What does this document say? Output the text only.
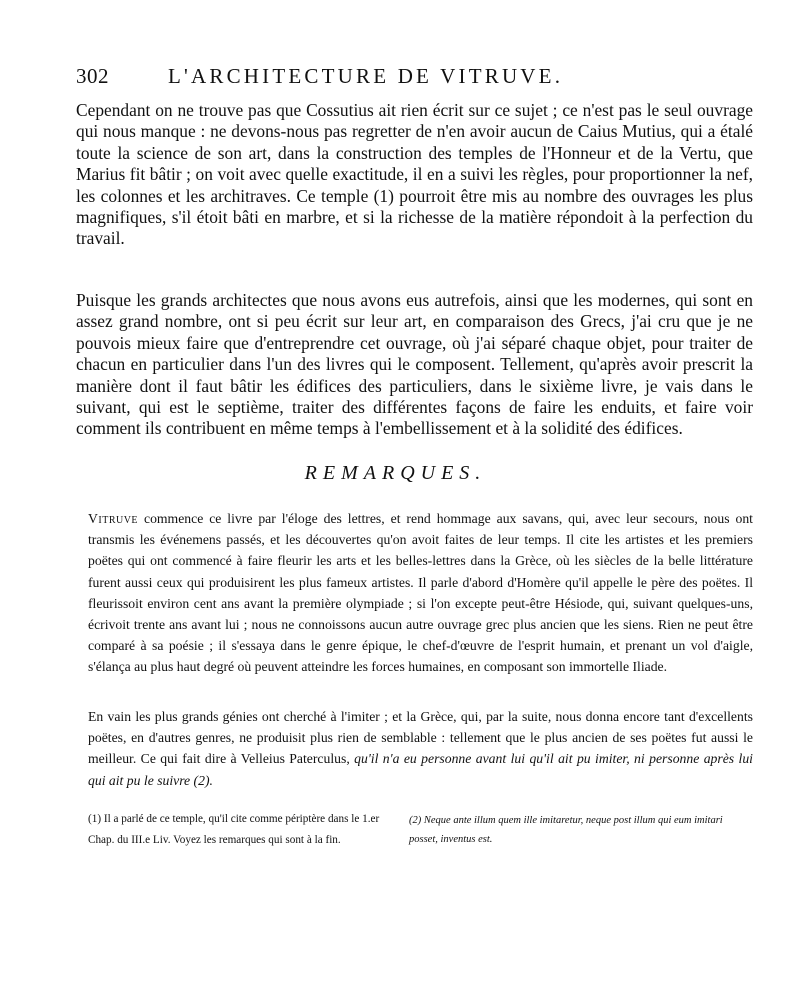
302	L'ARCHITECTURE DE VITRUVE.

Cependant on ne trouve pas que Cossutius ait rien écrit sur ce sujet ; ce n'est pas le seul ouvrage qui nous manque : ne devons-nous pas regretter de n'en avoir aucun de Caius Mutius, qui a étalé toute la science de son art, dans la construction des temples de l'Honneur et de la Vertu, que Marius fit bâtir ; on voit avec quelle exactitude, il en a suivi les règles, pour proportionner la nef, les colonnes et les architraves. Ce temple (1) pourroit être mis au nombre des ouvrages les plus magnifiques, s'il étoit bâti en marbre, et si la richesse de la matière répondoit à la perfection du travail.

Puisque les grands architectes que nous avons eus autrefois, ainsi que les modernes, qui sont en assez grand nombre, ont si peu écrit sur leur art, en comparaison des Grecs, j'ai cru que je ne pouvois mieux faire que d'entreprendre cet ouvrage, où j'ai séparé chaque objet, pour traiter de chacun en particulier dans l'un des livres qui le composent. Tellement, qu'après avoir prescrit la manière dont il faut bâtir les édifices des particuliers, dans le sixième livre, je vais dans le suivant, qui est le septième, traiter des différentes façons de faire les enduits, et faire voir comment ils contribuent en même temps à l'embellissement et à la solidité des édifices.

REMARQUES.

Vitruve commence ce livre par l'éloge des lettres, et rend hommage aux savans, qui, avec leur secours, nous ont transmis les événemens passés, et les découvertes qu'on avoit faites de leur temps. Il cite les artistes et les premiers poëtes qui ont commencé à faire fleurir les arts et les belles-lettres dans la Grèce, où les siècles de la belle littérature furent aussi ceux qui produisirent les plus fameux artistes. Il parle d'abord d'Homère qu'il appelle le père des poëtes. Il fleurissoit environ cent ans avant la première olympiade ; si l'on excepte peut-être Hésiode, qui, suivant quelques-uns, écrivoit trente ans avant lui ; nous ne connoissons aucun autre ouvrage grec plus ancien que les siens. Rien ne peut être comparé à sa poésie ; il s'essaya dans le genre épique, le chef-d'œuvre de l'esprit humain, et prenant un vol d'aigle, s'élança au plus haut degré où peuvent atteindre les forces humaines, en composant son immortelle Iliade.

En vain les plus grands génies ont cherché à l'imiter ; et la Grèce, qui, par la suite, nous donna encore tant d'excellents poëtes, en d'autres genres, ne produisit plus rien de semblable : tellement que le plus ancien de ses poëtes fut aussi le meilleur. Ce qui fait dire à Velleius Paterculus, qu'il n'a eu personne avant lui qu'il ait pu imiter, ni personne après lui qui ait pu le suivre (2).

(1) Il a parlé de ce temple, qu'il cite comme périptère dans le 1.er Chap. du III.e Liv. Voyez les remarques qui sont à la fin.

(2) Neque ante illum quem ille imitaretur, neque post illum qui eum imitari posset, inventus est.
